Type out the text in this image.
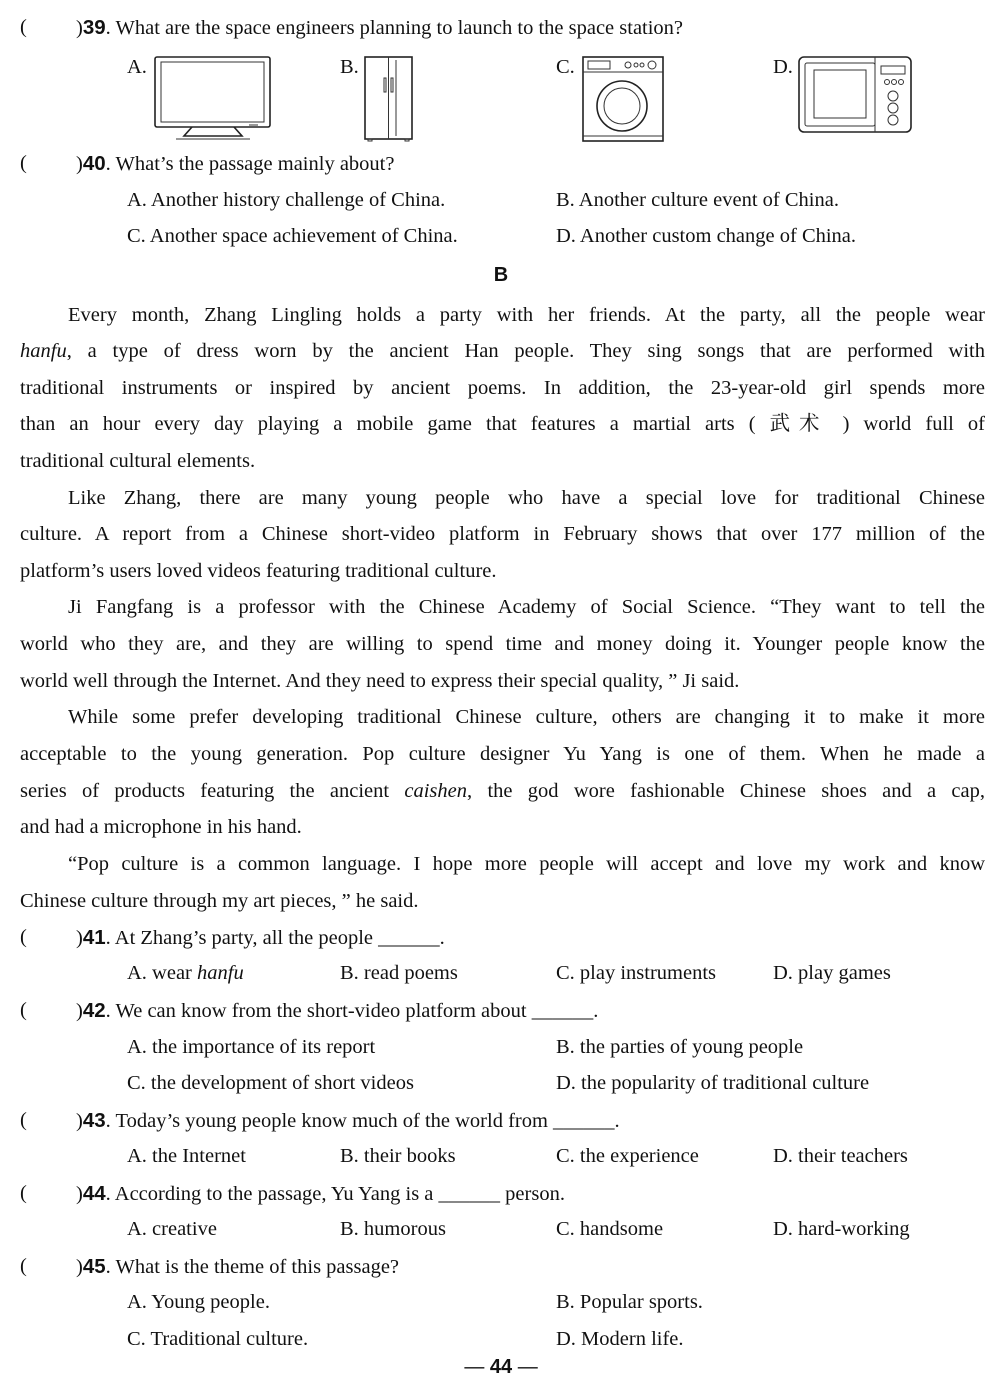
( )39. What are the space engineers planning to launch to the space station?
A.	B.	C.	D.
( )40. What’s the passage mainly about?
A. Another history challenge of China.	B. Another culture event of China.
C. Another space achievement of China.	D. Another custom change of China.
B
Every month, Zhang Lingling holds a party with her friends. At the party, all the people wear
hanfu, a type of dress worn by the ancient Han people. They sing songs that are performed with
traditional instruments or inspired by ancient poems. In addition, the 23-year-old girl spends more
than an hour every day playing a mobile game that features a martial arts ( 武术 ) world full of
traditional cultural elements.
Like Zhang, there are many young people who have a special love for traditional Chinese
culture. A report from a Chinese short-video platform in February shows that over 177 million of the
platform’s users loved videos featuring traditional culture.
Ji Fangfang is a professor with the Chinese Academy of Social Science. “They want to tell the
world who they are, and they are willing to spend time and money doing it. Younger people know the
world well through the Internet. And they need to express their special quality, ” Ji said.
While some prefer developing traditional Chinese culture, others are changing it to make it more
acceptable to the young generation. Pop culture designer Yu Yang is one of them. When he made a
series of products featuring the ancient caishen, the god wore fashionable Chinese shoes and a cap,
and had a microphone in his hand.
“Pop culture is a common language. I hope more people will accept and love my work and know
Chinese culture through my art pieces, ” he said.
( )41. At Zhang’s party, all the people ______.
A. wear hanfu	B. read poems	C. play instruments	D. play games
( )42. We can know from the short-video platform about ______.
A. the importance of its report	B. the parties of young people
C. the development of short videos	D. the popularity of traditional culture
( )43. Today’s young people know much of the world from ______.
A. the Internet	B. their books	C. the experience	D. their teachers
( )44. According to the passage, Yu Yang is a ______ person.
A. creative	B. humorous	C. handsome	D. hard-working
( )45. What is the theme of this passage?
A. Young people.	B. Popular sports.
C. Traditional culture.	D. Modern life.
— 44 —
